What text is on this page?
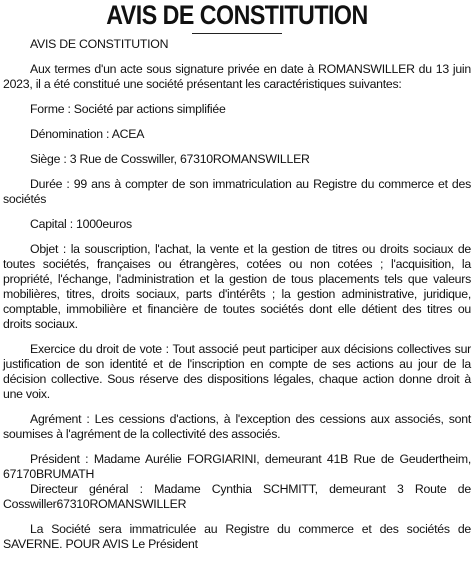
AVIS DE CONSTITUTION

AVIS DE CONSTITUTION

Aux termes d'un acte sous signature privée en date à ROMANSWILLER du 13 juin 2023, il a été constitué une société présentant les caractéristiques suivantes:

Forme : Société par actions simplifiée

Dénomination : ACEA

Siège : 3 Rue de Cosswiller, 67310ROMANSWILLER

Durée : 99 ans à compter de son immatriculation au Registre du commerce et des sociétés

Capital : 1000euros

Objet : la souscription, l'achat, la vente et la gestion de titres ou droits sociaux de toutes sociétés, françaises ou étrangères, cotées ou non cotées ; l'acquisition, la propriété, l'échange, l'administration et la gestion de tous placements tels que valeurs mobilières, titres, droits sociaux, parts d'intérêts ; la gestion administrative, juridique, comptable, immobilière et financière de toutes sociétés dont elle détient des titres ou droits sociaux.

Exercice du droit de vote : Tout associé peut participer aux décisions collectives sur justification de son identité et de l'inscription en compte de ses actions au jour de la décision collective. Sous réserve des dispositions légales, chaque action donne droit à une voix.

Agrément : Les cessions d'actions, à l'exception des cessions aux associés, sont soumises à l'agrément de la collectivité des associés.

Président : Madame Aurélie FORGIARINI, demeurant 41B Rue de Geudertheim, 67170BRUMATH

Directeur général : Madame Cynthia SCHMITT, demeurant 3 Route de Cosswiller67310ROMANSWILLER

La Société sera immatriculée au Registre du commerce et des sociétés de SAVERNE. POUR AVIS Le Président
